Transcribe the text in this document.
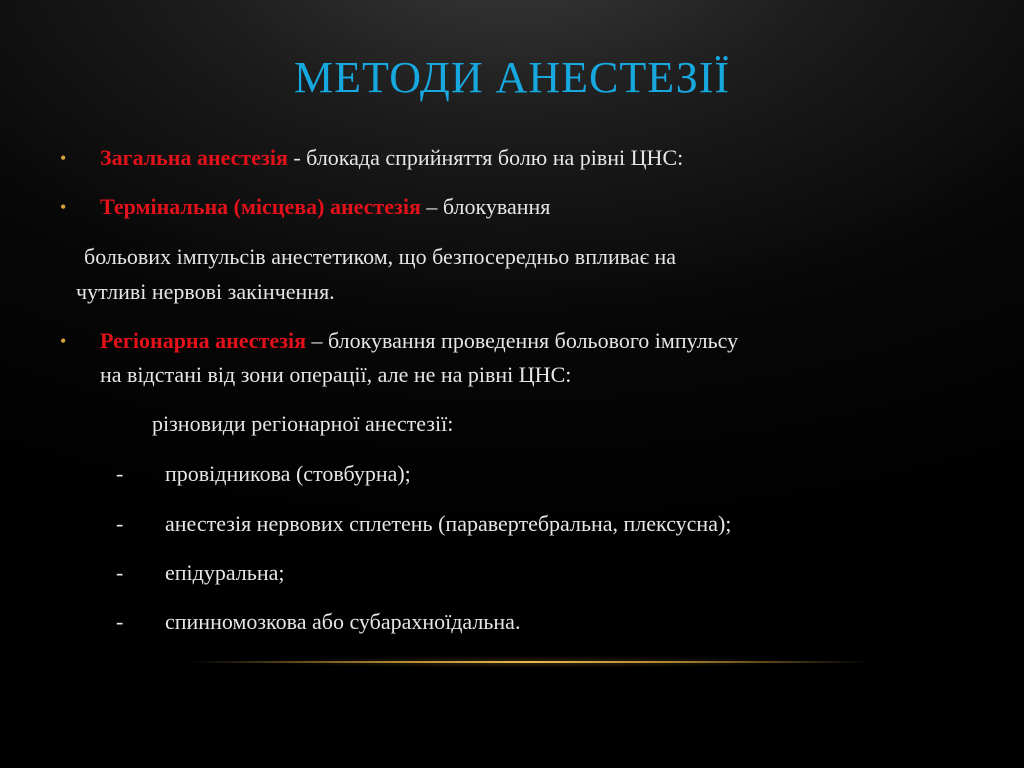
МЕТОДИ АНЕСТЕЗІЇ
• Загальна анестезія - блокада сприйняття болю на рівні ЦНС:
• Термінальна (місцева) анестезія – блокування
больових імпульсів анестетиком, що безпосередньо впливає на
чутливі нервові закінчення.
• Регіонарна анестезія – блокування проведення больового імпульсу
на відстані від зони операції, але не на рівні ЦНС:
різновиди регіонарної анестезії:
- провідникова (стовбурна);
- анестезія нервових сплетень (паравертебральна, плексусна);
- епідуральна;
- спинномозкова або субарахноїдальна.
